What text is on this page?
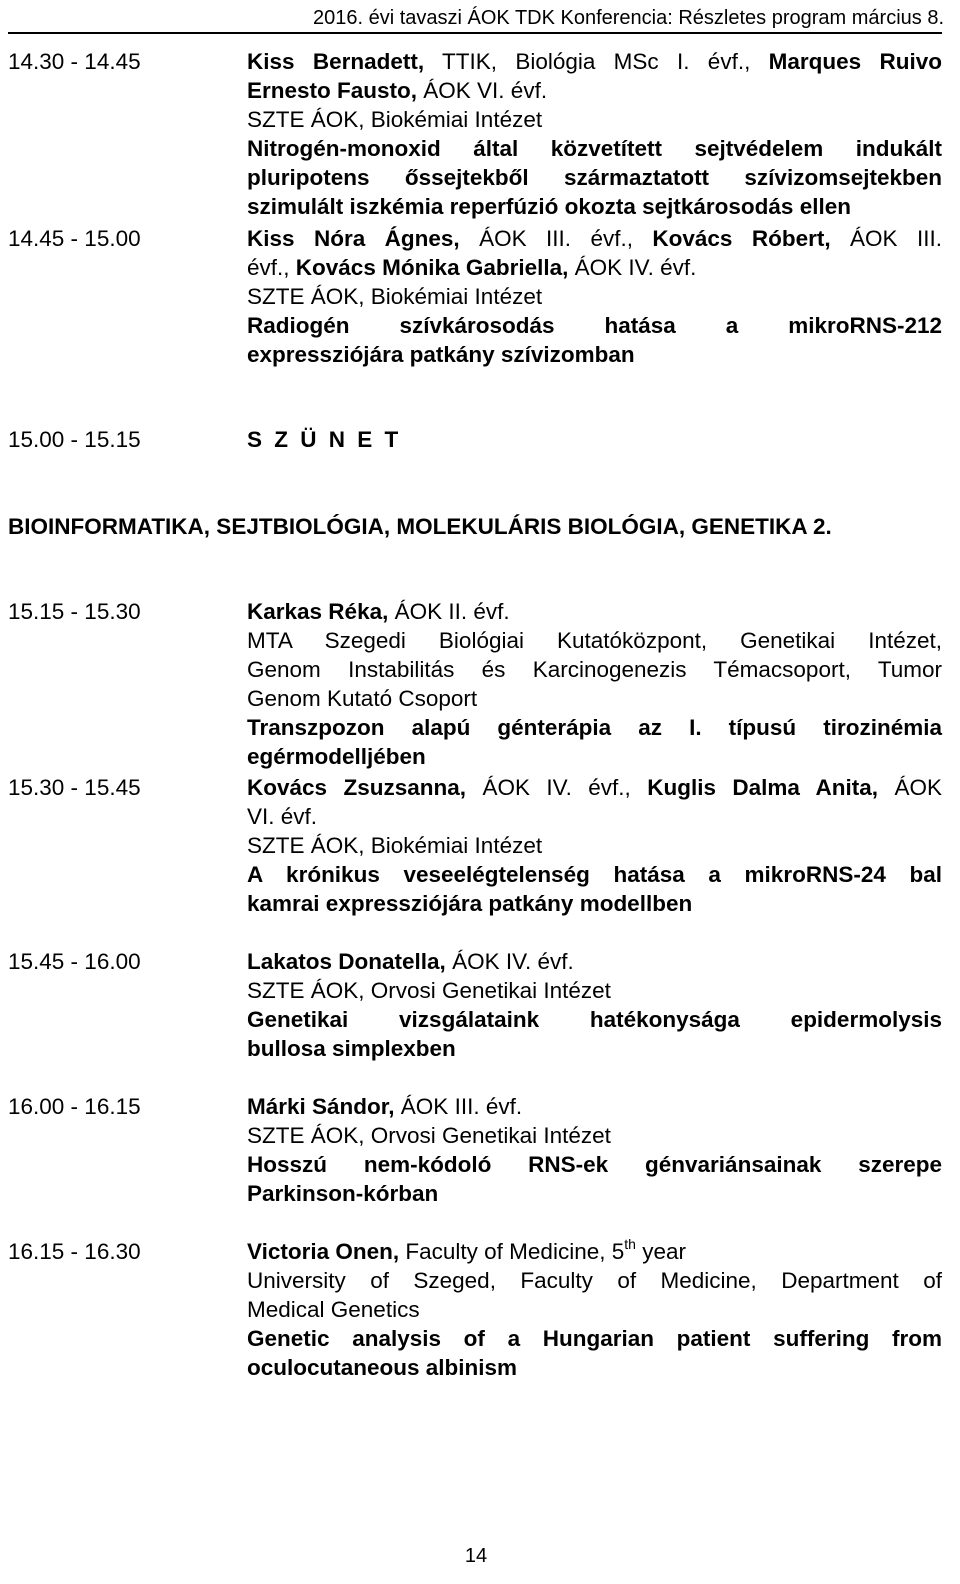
2016. évi tavaszi ÁOK TDK Konferencia: Részletes program március 8.
14.30 - 14.45	Kiss Bernadett, TTIK, Biológia MSc I. évf., Marques Ruivo
Ernesto Fausto, ÁOK VI. évf.
SZTE ÁOK, Biokémiai Intézet
Nitrogén-monoxid által közvetített sejtvédelem indukált
pluripotens őssejtekből származtatott szívizomsejtekben
szimulált iszkémia reperfúzió okozta sejtkárosodás ellen
14.45 - 15.00	Kiss Nóra Ágnes, ÁOK III. évf., Kovács Róbert, ÁOK III.
évf., Kovács Mónika Gabriella, ÁOK IV. évf.
SZTE ÁOK, Biokémiai Intézet
Radiogén szívkárosodás hatása a mikroRNS-212
expressziójára patkány szívizomban
15.00 - 15.15	S Z Ü N E T
BIOINFORMATIKA, SEJTBIOLÓGIA, MOLEKULÁRIS BIOLÓGIA, GENETIKA 2.
15.15 - 15.30	Karkas Réka, ÁOK II. évf.
MTA Szegedi Biológiai Kutatóközpont, Genetikai Intézet,
Genom Instabilitás és Karcinogenezis Témacsoport, Tumor
Genom Kutató Csoport
Transzpozon alapú génterápia az I. típusú tirozinémia
egérmodelljében
15.30 - 15.45	Kovács Zsuzsanna, ÁOK IV. évf., Kuglis Dalma Anita, ÁOK
VI. évf.
SZTE ÁOK, Biokémiai Intézet
A krónikus veseelégtelenség hatása a mikroRNS-24 bal
kamrai expressziójára patkány modellben
15.45 - 16.00	Lakatos Donatella, ÁOK IV. évf.
SZTE ÁOK, Orvosi Genetikai Intézet
Genetikai vizsgálataink hatékonysága epidermolysis
bullosa simplexben
16.00 - 16.15	Márki Sándor, ÁOK III. évf.
SZTE ÁOK, Orvosi Genetikai Intézet
Hosszú nem-kódoló RNS-ek génvariánsainak szerepe
Parkinson-kórban
16.15 - 16.30	Victoria Onen, Faculty of Medicine, 5th year
University of Szeged, Faculty of Medicine, Department of
Medical Genetics
Genetic analysis of a Hungarian patient suffering from
oculocutaneous albinism
14
